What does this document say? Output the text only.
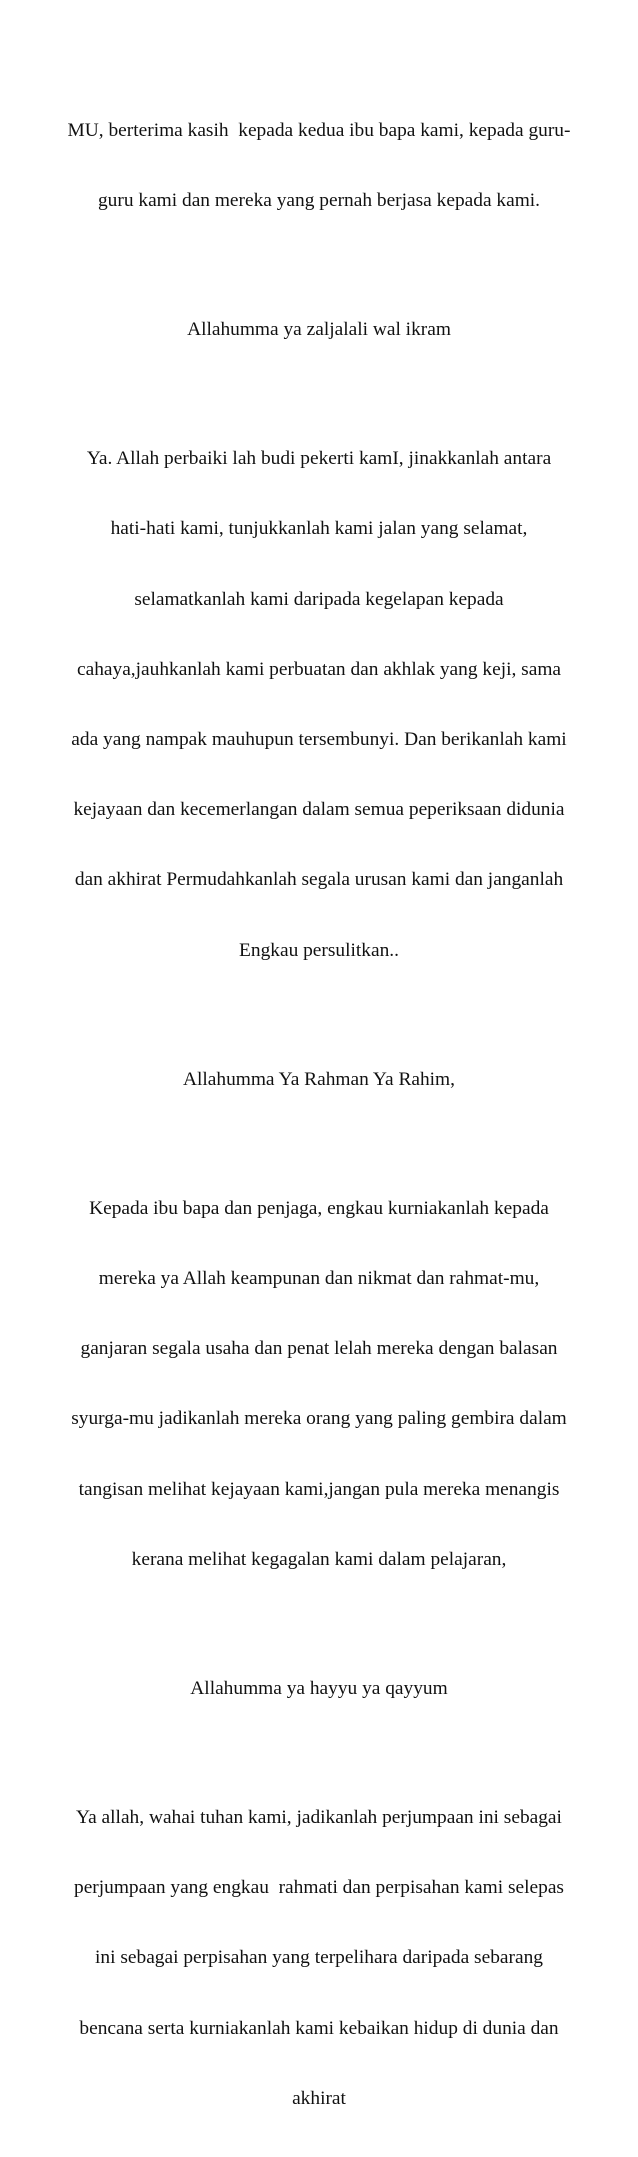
MU, berterima kasih  kepada kedua ibu bapa kami, kepada guru-

guru kami dan mereka yang pernah berjasa kepada kami.

Allahumma ya zaljalali wal ikram

Ya. Allah perbaiki lah budi pekerti kamI, jinakkanlah antara

hati-hati kami, tunjukkanlah kami jalan yang selamat,

selamatkanlah kami daripada kegelapan kepada

cahaya,jauhkanlah kami perbuatan dan akhlak yang keji, sama

ada yang nampak mauhupun tersembunyi. Dan berikanlah kami

kejayaan dan kecemerlangan dalam semua peperiksaan didunia

dan akhirat Permudahkanlah segala urusan kami dan janganlah

Engkau persulitkan..

Allahumma Ya Rahman Ya Rahim,

Kepada ibu bapa dan penjaga, engkau kurniakanlah kepada

mereka ya Allah keampunan dan nikmat dan rahmat-mu,

ganjaran segala usaha dan penat lelah mereka dengan balasan

syurga-mu jadikanlah mereka orang yang paling gembira dalam

tangisan melihat kejayaan kami,jangan pula mereka menangis

kerana melihat kegagalan kami dalam pelajaran,

Allahumma ya hayyu ya qayyum

Ya allah, wahai tuhan kami, jadikanlah perjumpaan ini sebagai

perjumpaan yang engkau  rahmati dan perpisahan kami selepas

ini sebagai perpisahan yang terpelihara daripada sebarang

bencana serta kurniakanlah kami kebaikan hidup di dunia dan

akhirat
